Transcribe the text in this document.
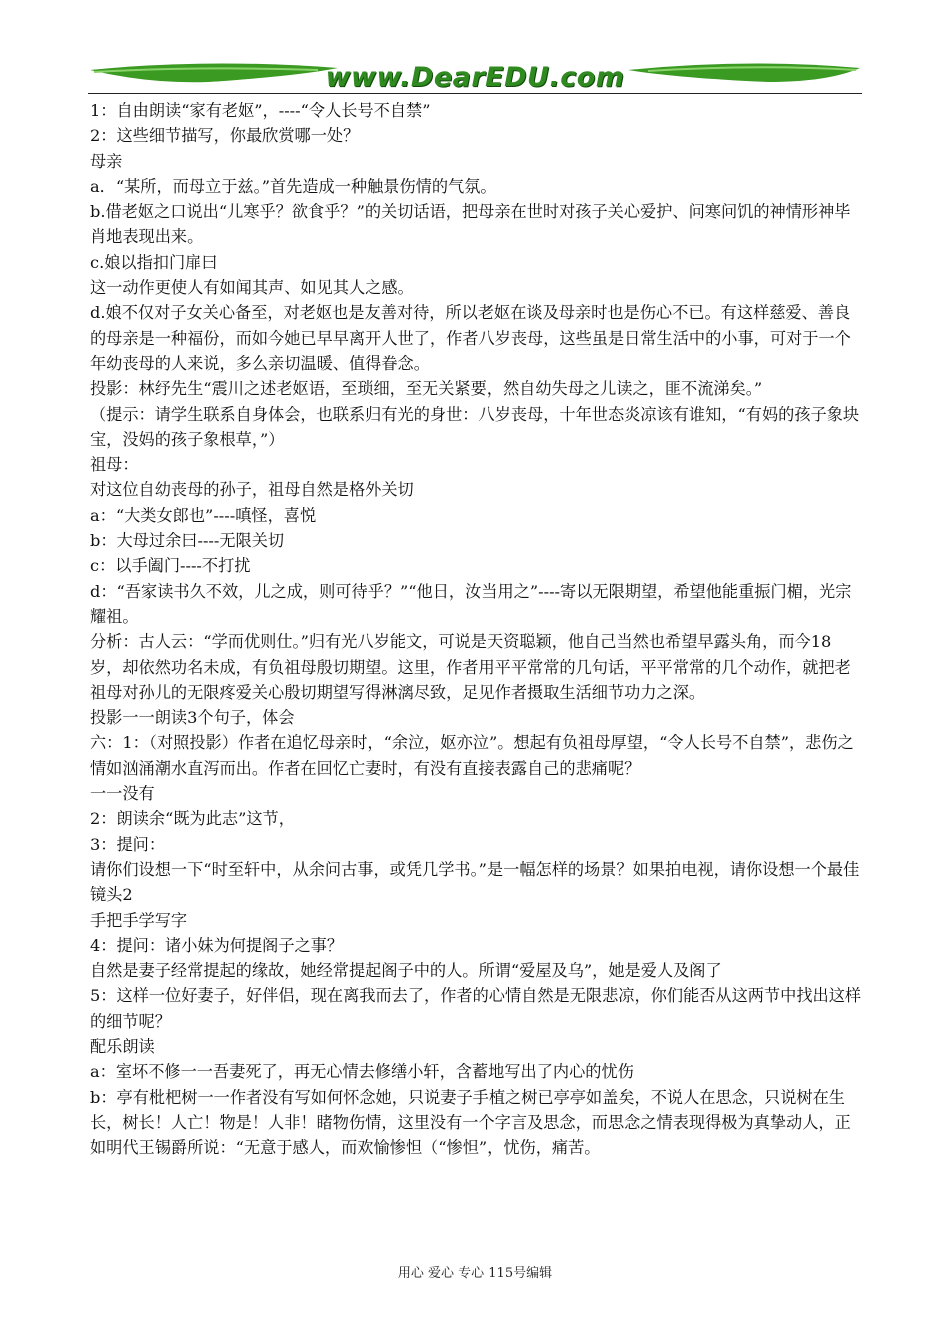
www.DearEDU.com

1：自由朗读“家有老妪”，----“令人长号不自禁”

2：这些细节描写，你最欣赏哪一处？

母亲

a．“某所，而母立于兹。”首先造成一种触景伤情的气氛。

b.借老妪之口说出“儿寒乎？欲食乎？”的关切话语，把母亲在世时对孩子关心爱护、问寒问饥的神情形神毕肖地表现出来。

c.娘以指扣门扉曰

这一动作更使人有如闻其声、如见其人之感。

d.娘不仅对子女关心备至，对老妪也是友善对待，所以老妪在谈及母亲时也是伤心不已。有这样慈爱、善良的母亲是一种福份，而如今她已早早离开人世了，作者八岁丧母，这些虽是日常生活中的小事，可对于一个年幼丧母的人来说，多么亲切温暖、值得眷念。

投影：林纾先生“震川之述老妪语，至琐细，至无关紧要，然自幼失母之儿读之，匪不流涕矣。”

（提示：请学生联系自身体会，也联系归有光的身世：八岁丧母，十年世态炎凉该有谁知，“有妈的孩子象块宝，没妈的孩子象根草，”）

祖母：

对这位自幼丧母的孙子，祖母自然是格外关切

a：“大类女郎也”----嗔怪，喜悦

b：大母过余曰----无限关切

c：以手阖门----不打扰

d：“吾家读书久不效，儿之成，则可待乎？”“他日，汝当用之”----寄以无限期望，希望他能重振门楣，光宗耀祖。

分析：古人云：“学而优则仕。”归有光八岁能文，可说是天资聪颖，他自己当然也希望早露头角，而今18岁，却依然功名未成，有负祖母殷切期望。这里，作者用平平常常的几句话，平平常常的几个动作，就把老祖母对孙儿的无限疼爱关心殷切期望写得淋漓尽致，足见作者摄取生活细节功力之深。

投影一一朗读3个句子，体会

六：1：（对照投影）作者在追忆母亲时，“余泣，妪亦泣”。想起有负祖母厚望，“令人长号不自禁”，悲伤之情如汹涌潮水直泻而出。作者在回忆亡妻时，有没有直接表露自己的悲痛呢？

一一没有

2：朗读余“既为此志”这节，

3：提问：

请你们设想一下“时至轩中，从余问古事，或凭几学书。”是一幅怎样的场景？如果拍电视，请你设想一个最佳镜头2

手把手学写字

4：提问：诸小妹为何提阁子之事？

自然是妻子经常提起的缘故，她经常提起阁子中的人。所谓“爱屋及乌”，她是爱人及阁了

5：这样一位好妻子，好伴侣，现在离我而去了，作者的心情自然是无限悲凉，你们能否从这两节中找出这样的细节呢？

配乐朗读

a：室坏不修一一吾妻死了，再无心情去修缮小轩，含蓄地写出了内心的忧伤

b：亭有枇杷树一一作者没有写如何怀念她，只说妻子手植之树已亭亭如盖矣，不说人在思念，只说树在生长，树长！人亡！物是！人非！睹物伤情，这里没有一个字言及思念，而思念之情表现得极为真挚动人，正如明代王锡爵所说：“无意于感人，而欢愉惨怛（“惨怛”，忧伤，痛苦。

用心 爱心 专心 115号编辑
